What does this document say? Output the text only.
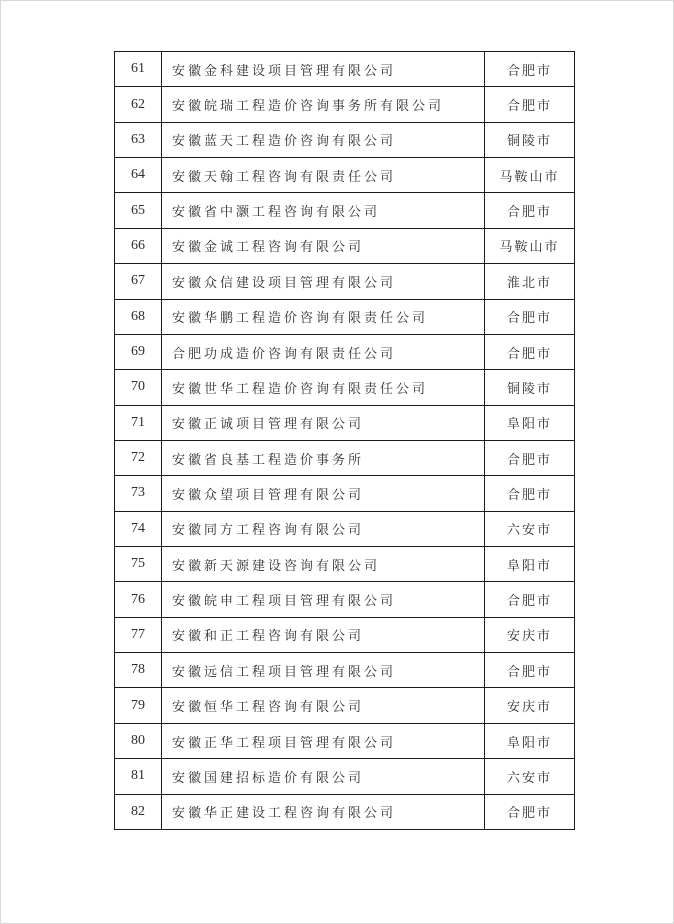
61	安徽金科建设项目管理有限公司	合肥市
62	安徽皖瑞工程造价咨询事务所有限公司	合肥市
63	安徽蓝天工程造价咨询有限公司	铜陵市
64	安徽天翰工程咨询有限责任公司	马鞍山市
65	安徽省中灏工程咨询有限公司	合肥市
66	安徽金诚工程咨询有限公司	马鞍山市
67	安徽众信建设项目管理有限公司	淮北市
68	安徽华鹏工程造价咨询有限责任公司	合肥市
69	合肥功成造价咨询有限责任公司	合肥市
70	安徽世华工程造价咨询有限责任公司	铜陵市
71	安徽正诚项目管理有限公司	阜阳市
72	安徽省良基工程造价事务所	合肥市
73	安徽众望项目管理有限公司	合肥市
74	安徽同方工程咨询有限公司	六安市
75	安徽新天源建设咨询有限公司	阜阳市
76	安徽皖申工程项目管理有限公司	合肥市
77	安徽和正工程咨询有限公司	安庆市
78	安徽远信工程项目管理有限公司	合肥市
79	安徽恒华工程咨询有限公司	安庆市
80	安徽正华工程项目管理有限公司	阜阳市
81	安徽国建招标造价有限公司	六安市
82	安徽华正建设工程咨询有限公司	合肥市
